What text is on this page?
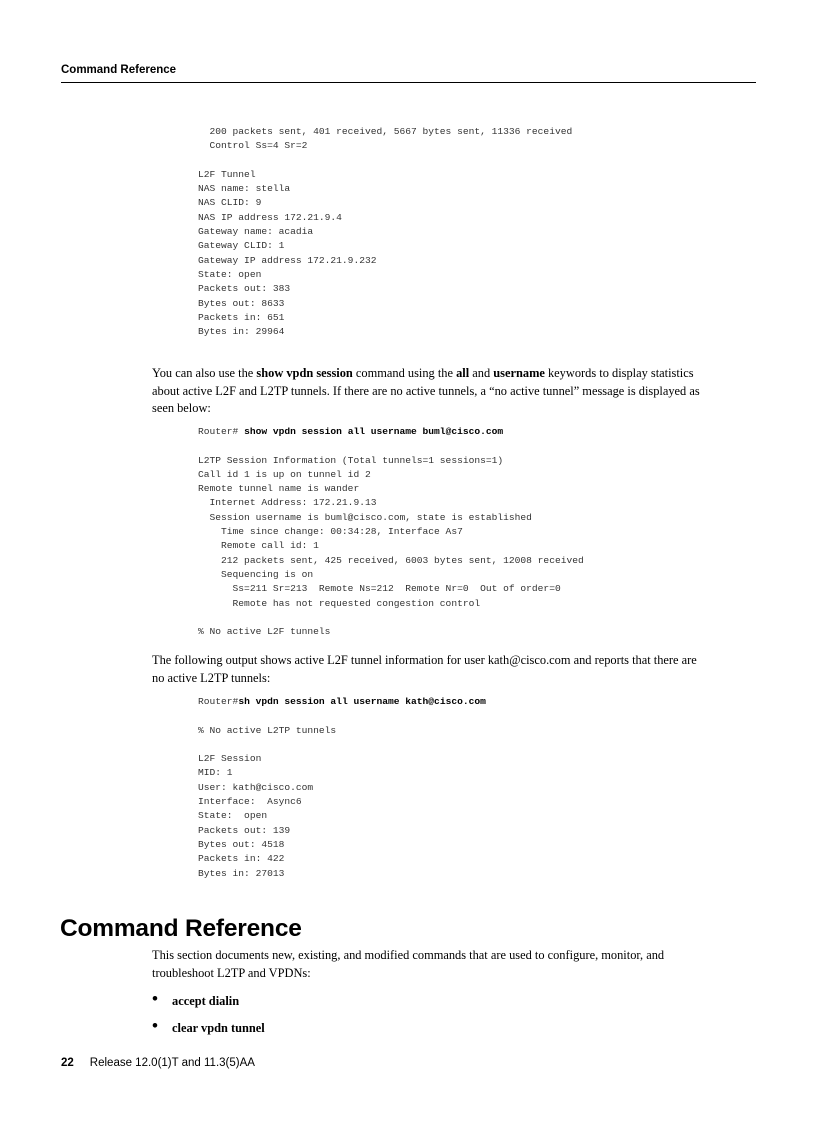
Command Reference
200 packets sent, 401 received, 5667 bytes sent, 11336 received
Control Ss=4 Sr=2

L2F Tunnel
NAS name: stella
NAS CLID: 9
NAS IP address 172.21.9.4
Gateway name: acadia
Gateway CLID: 1
Gateway IP address 172.21.9.232
State: open
Packets out: 383
Bytes out: 8633
Packets in: 651
Bytes in: 29964

You can also use the show vpdn session command using the all and username keywords to display statistics about active L2F and L2TP tunnels. If there are no active tunnels, a “no active tunnel” message is displayed as seen below:

Router# show vpdn session all username buml@cisco.com

L2TP Session Information (Total tunnels=1 sessions=1)
Call id 1 is up on tunnel id 2
Remote tunnel name is wander
Internet Address: 172.21.9.13
Session username is buml@cisco.com, state is established
Time since change: 00:34:28, Interface As7
Remote call id: 1
212 packets sent, 425 received, 6003 bytes sent, 12008 received
Sequencing is on
Ss=211 Sr=213  Remote Ns=212  Remote Nr=0  Out of order=0
Remote has not requested congestion control

% No active L2F tunnels

The following output shows active L2F tunnel information for user kath@cisco.com and reports that there are no active L2TP tunnels:

Router#sh vpdn session all username kath@cisco.com

% No active L2TP tunnels

L2F Session
MID: 1
User: kath@cisco.com
Interface:  Async6
State:  open
Packets out: 139
Bytes out: 4518
Packets in: 422
Bytes in: 27013
Command Reference

This section documents new, existing, and modified commands that are used to configure, monitor, and troubleshoot L2TP and VPDNs:

• accept dialin
• clear vpdn tunnel
22 Release 12.0(1)T and 11.3(5)AA
